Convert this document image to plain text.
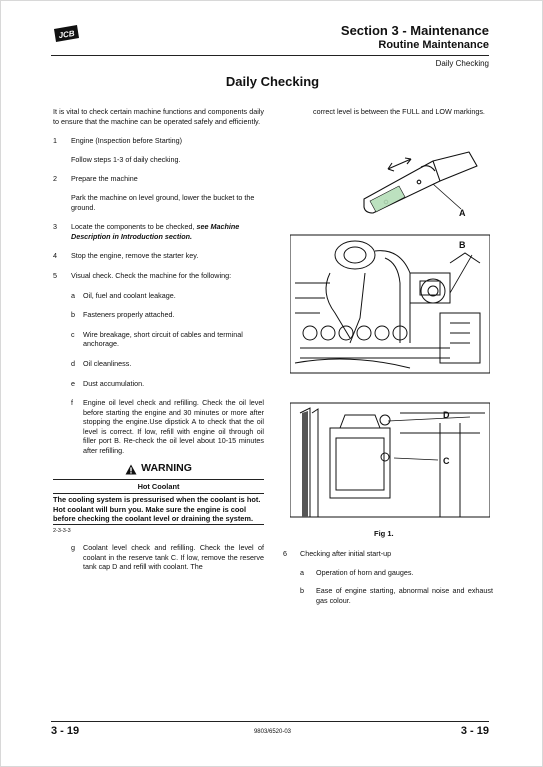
JCB	Section 3 - Maintenance
Routine Maintenance
Daily Checking
Daily Checking
It is vital to check certain machine functions and components daily to ensure that the machine can be operated safely and efficiently.
1 Engine (Inspection before Starting)
Follow steps 1-3 of daily checking.
2 Prepare the machine
Park the machine on level ground, lower the bucket to the ground.
3 Locate the components to be checked, see Machine Description in Introduction section.
4 Stop the engine, remove the starter key.
5 Visual check. Check the machine for the following:
a Oil, fuel and coolant leakage.
b Fasteners properly attached.
c Wire breakage, short circuit of cables and terminal anchorage.
d Oil cleanliness.
e Dust accumulation.
f Engine oil level check and refilling. Check the oil level before starting the engine and 30 minutes or more after stopping the engine.Use dipstick A to check that the oil level is correct. If low, refill with engine oil through oil filler port B. Re-check the oil level about 10-15 minutes after refilling.
WARNING
Hot Coolant
The cooling system is pressurised when the coolant is hot. Hot coolant will burn you. Make sure the engine is cool before checking the coolant level or draining the system.
2-3-3-3
g Coolant level check and refilling. Check the level of coolant in the reserve tank C. If low, remove the reserve tank cap D and refill with coolant. The
correct level is between the FULL and LOW markings.
A
B
D
C
Fig 1.
6 Checking after initial start-up
a Operation of horn and gauges.
b Ease of engine starting, abnormal noise and exhaust gas colour.
3 - 19	9803/6520-03	3 - 19
